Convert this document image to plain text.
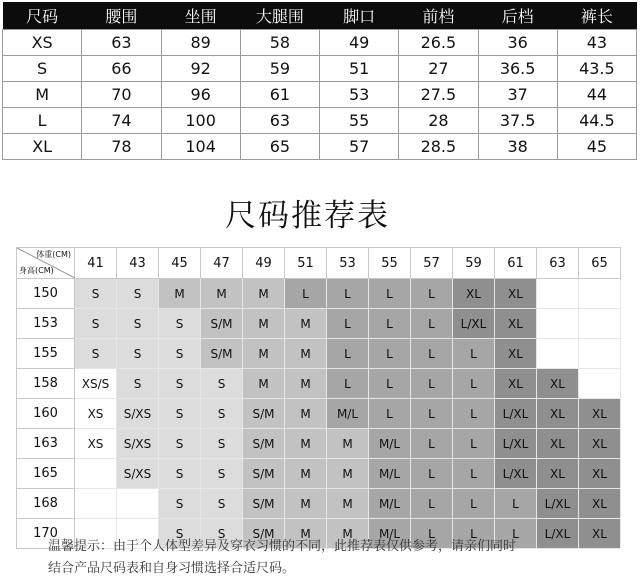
尺码	腰围	坐围	大腿围	脚口	前档	后档	裤长
XS	63	89	58	49	26.5	36	43
S	66	92	59	51	27	36.5	43.5
M	70	96	61	53	27.5	37	44
L	74	100	63	55	28	37.5	44.5
XL	78	104	65	57	28.5	38	45
尺码推荐表
体重(CM)
身高(CM)	41	43	45	47	49	51	53	55	57	59	61	63	65
150	S	S	M	M	M	L	L	L	L	XL	XL		
153	S	S	S	S/M	M	M	L	L	L	L/XL	XL		
155	S	S	S	S/M	M	M	L	L	L	L	XL		
158	XS/S	S	S	S	M	M	L	L	L	L	XL	XL	
160	XS	S/XS	S	S	S/M	M	M/L	L	L	L	L/XL	XL	XL
163	XS	S/XS	S	S	S/M	M	M	M/L	L	L	L/XL	XL	XL
165		S/XS	S	S	S/M	M	M	M/L	L	L	L/XL	XL	XL
168			S	S	S/M	M	M	M/L	L	L	L	L/XL	XL
170			S	S	S/M	M	M	M/L	L	L	L	L/XL	XL
温馨提示：由于个人体型差异及穿衣习惯的不同，此推荐表仅供参考，请亲们同时
结合产品尺码表和自身习惯选择合适尺码。
